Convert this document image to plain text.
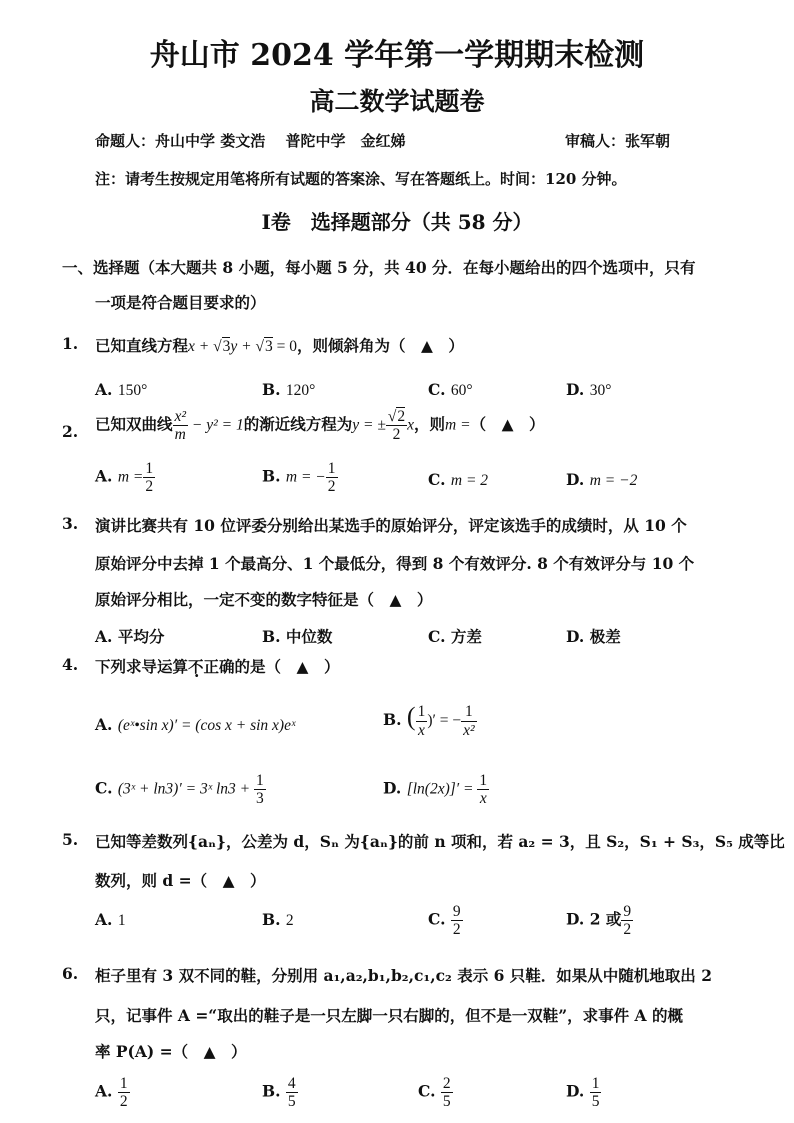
舟山市 2024 学年第一学期期末检测
高二数学试题卷
命题人：舟山中学 娄文浩　 普陀中学　金红娣	审稿人：张军朝
注：请考生按规定用笔将所有试题的答案涂、写在答题纸上。时间：120 分钟。
Ⅰ卷　选择题部分（共 58 分）
一、选择题（本大题共 8 小题，每小题 5 分，共 40 分．在每小题给出的四个选项中，只有
一项是符合题目要求的）
1. 已知直线方程x + √3y + √3 = 0，则倾斜角为（　▲　）
A. 150°	B. 120°	C. 60°	D. 30°
2. 已知双曲线 $\frac{\text{x²}}{m} - y^2 = 1$的渐近线方程为y = ± $\frac{√2}{2}$ x，则m =（　▲　）
A. $m = \frac{1}{2}$	B. m = − $\frac{1}{2}$	C. m = 2	D. m = −2
3. 演讲比赛共有 10 位评委分别给出某选手的原始评分，评定该选手的成绩时，从 10 个
原始评分中去掉 1 个最高分、1 个最低分，得到 8 个有效评分. 8 个有效评分与 10 个
原始评分相比，一定不变的数字特征是（　▲　）
A. 平均分	B. 中位数	C. 方差	D. 极差
4. 下列求导运算不正确的是（　▲　）
A. (eˣ•sin x)′ = (cos x + sin x)eˣ	B. ( $\frac{1}{x}$ )′ = − $\frac{1}{\text{x²}}$
C. (3ˣ + ln3)′ = 3ˣ $\ln 3 + \frac{1}{3}$	D. $[\ln(2x)]' = \frac{1}{x}$
5. 已知等差数列{aₙ}，公差为 d，Sₙ 为{aₙ}的前 n 项和，若 a₂ = 3，且 S₂，S₁ + S₃，S₅ 成等比
数列，则 d =（　▲　）
A. 1	B. 2	C. $\frac{9}{2}$	D. 2 或 $\frac{9}{2}$
6. 柜子里有 3 双不同的鞋，分别用 a₁,a₂,b₁,b₂,c₁,c₂ 表示 6 只鞋．如果从中随机地取出 2
只，记事件 A =“取出的鞋子是一只左脚一只右脚的，但不是一双鞋”，求事件 A 的概
率 P(A) =（　▲　）
A. $\frac{1}{2}$	B. $\frac{4}{5}$	C. $\frac{2}{5}$	D. $\frac{1}{5}$
